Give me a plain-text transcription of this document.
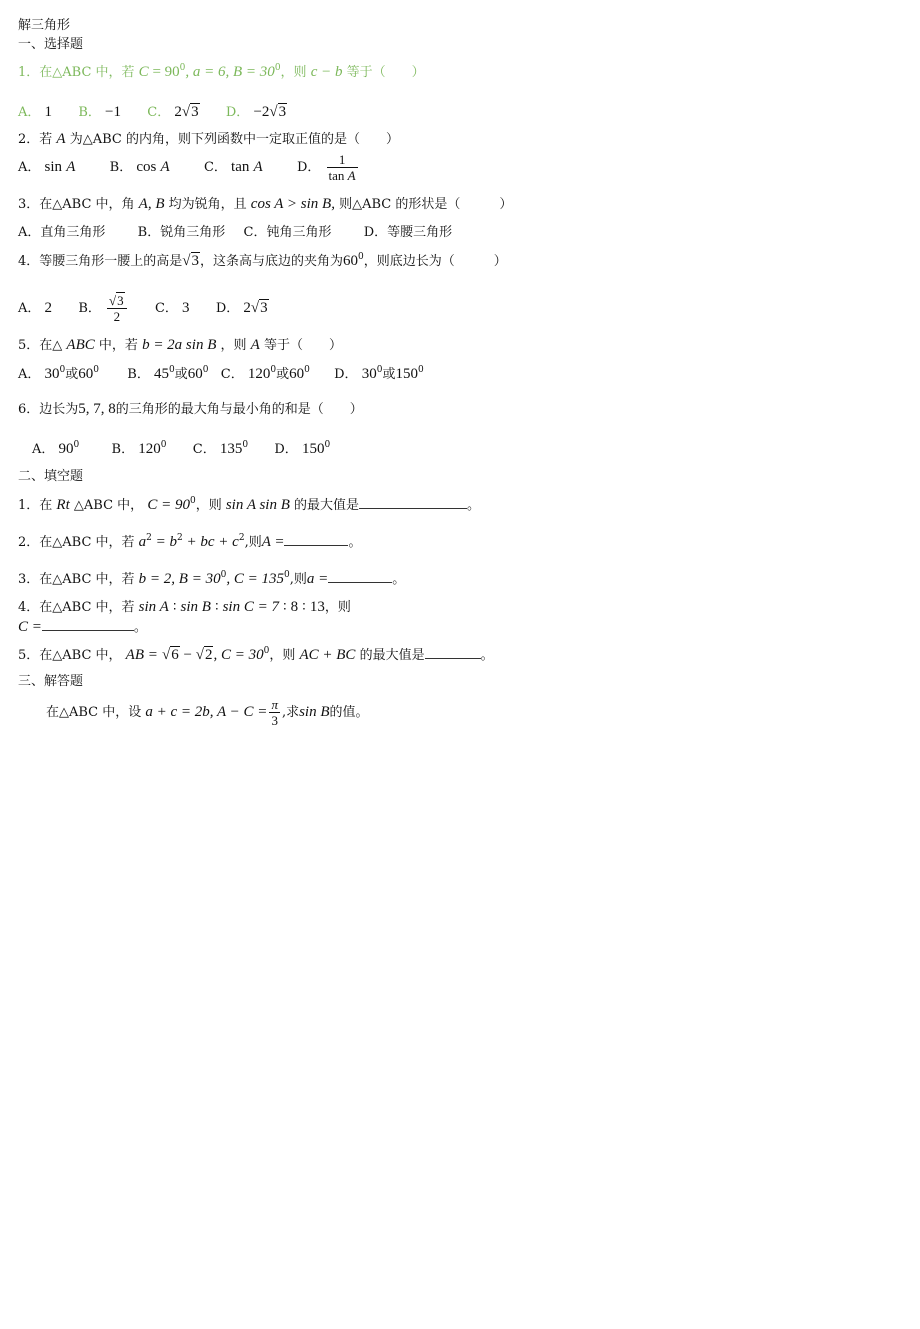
解三角形
一、选择题
1．在△ABC 中，若 $C = 90^0$, a = 6, $B = 30^0$，则 c − b 等于（　　）
A． 1 B． −1 C． 2√3 D． −2√3
2．若 A 为△ABC 的内角，则下列函数中一定取正值的是（　　）
A． sin A	B． cos A	C． tan A	D． $\frac{1}{\text{tan A}}$
3．在△ABC 中，角 A, B 均为锐角，且 cos A > sin B, 则△ABC 的形状是（　　　）
A．直角三角形 B．锐角三角形 C．钝角三角形 D．等腰三角形
4．等腰三角形一腰上的高是√3，这条高与底边的夹角为$60^0$，则底边长为（　　　）
A． 2 B． $\frac{√3}{2}$ C． 3 D． 2√3
5．在△ ABC 中，若 b = 2a sin B ，则 A 等于（　　）
A． $30^0$或$60^0$ B． $45^0$或$60^0$ C． $120^0$或$60^0$ D． $30^0$或$150^0$
6．边长为5, 7, 8的三角形的最大角与最小角的和是（　　）
A． $90^0$ B． $120^0$ C． $135^0$ D． $150^0$
二、填空题
1．在 Rt △ABC 中， $C = 90^0$，则 sin A sin B 的最大值是	。
2．在△ABC 中，若 $a^2 = b^2$ + bc + $c^2$,则A =	。
3．在△ABC 中，若 b = 2, $B = 30^0$, $C = 135^0$,则a =	。
4．在△ABC 中，若 sin A ∶ sin B ∶ sin C = 7 ∶ 8 ∶ 13，则
C =	。
5．在△ABC 中， AB = √6 − √2, $C = 30^0$，则 AC + BC 的最大值是	。
三、解答题
在△ABC 中，设 a + c = 2b, $A - C = \frac{\pi}{3}$ ,求sin B的值。
